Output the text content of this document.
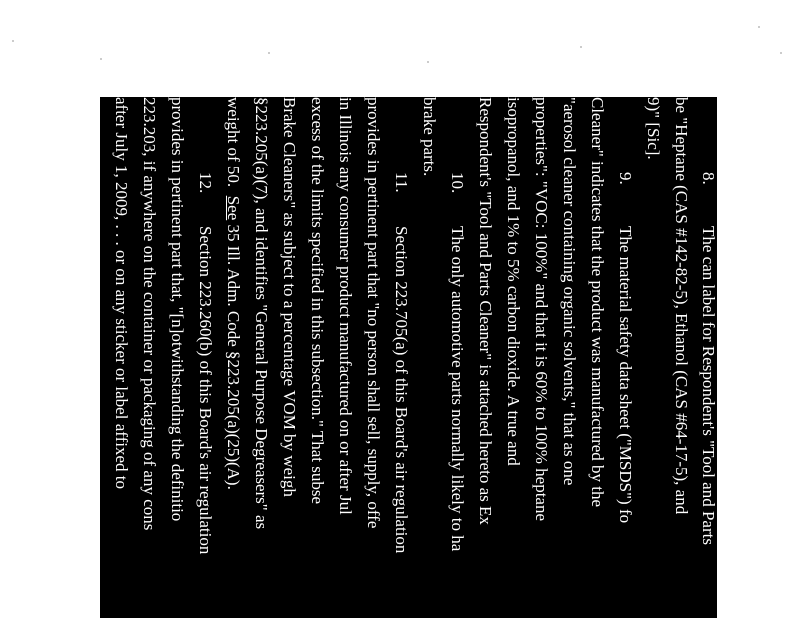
8.The can label for Respondent's "Tool and Parts
be "Heptane (CAS #142-82-5), Ethanol (CAS #64-17-5), and
9)" [Sic].
9.The material safety data sheet ("MSDS") fo
Cleaner" indicates that the product was manufactured by the
"aerosol cleaner containing organic solvents," that as one
properties": "VOC: 100%" and that it is 60% to 100% heptane
isopropanol, and 1% to 5% carbon dioxide. A true and
Respondent's "Tool and Parts Cleaner" is attached hereto as Ex
10.The only automotive parts normally likely to ha
brake parts.
11.Section 223.705(a) of this Board's air regulation
provides in pertinent part that "no person shall sell, supply, offe
in Illinois any consumer product manufactured on or after Jul
excess of the limits specified in this subsection." That subse
Brake Cleaners" as subject to a percentage VOM by weigh
§223.205(a)(7), and identifies "General Purpose Degreasers" as
weight of 50.  See 35 Ill. Adm. Code §223.205(a)(25)(A).
12.Section 223.260(b) of this Board's air regulation
provides in pertinent part that, "[n]otwithstanding the definitio
223.203, if anywhere on the container or packaging of any cons
after July 1, 2009, . . . or on any sticker or label affixed to
representation is made that the product may be used as, or i
